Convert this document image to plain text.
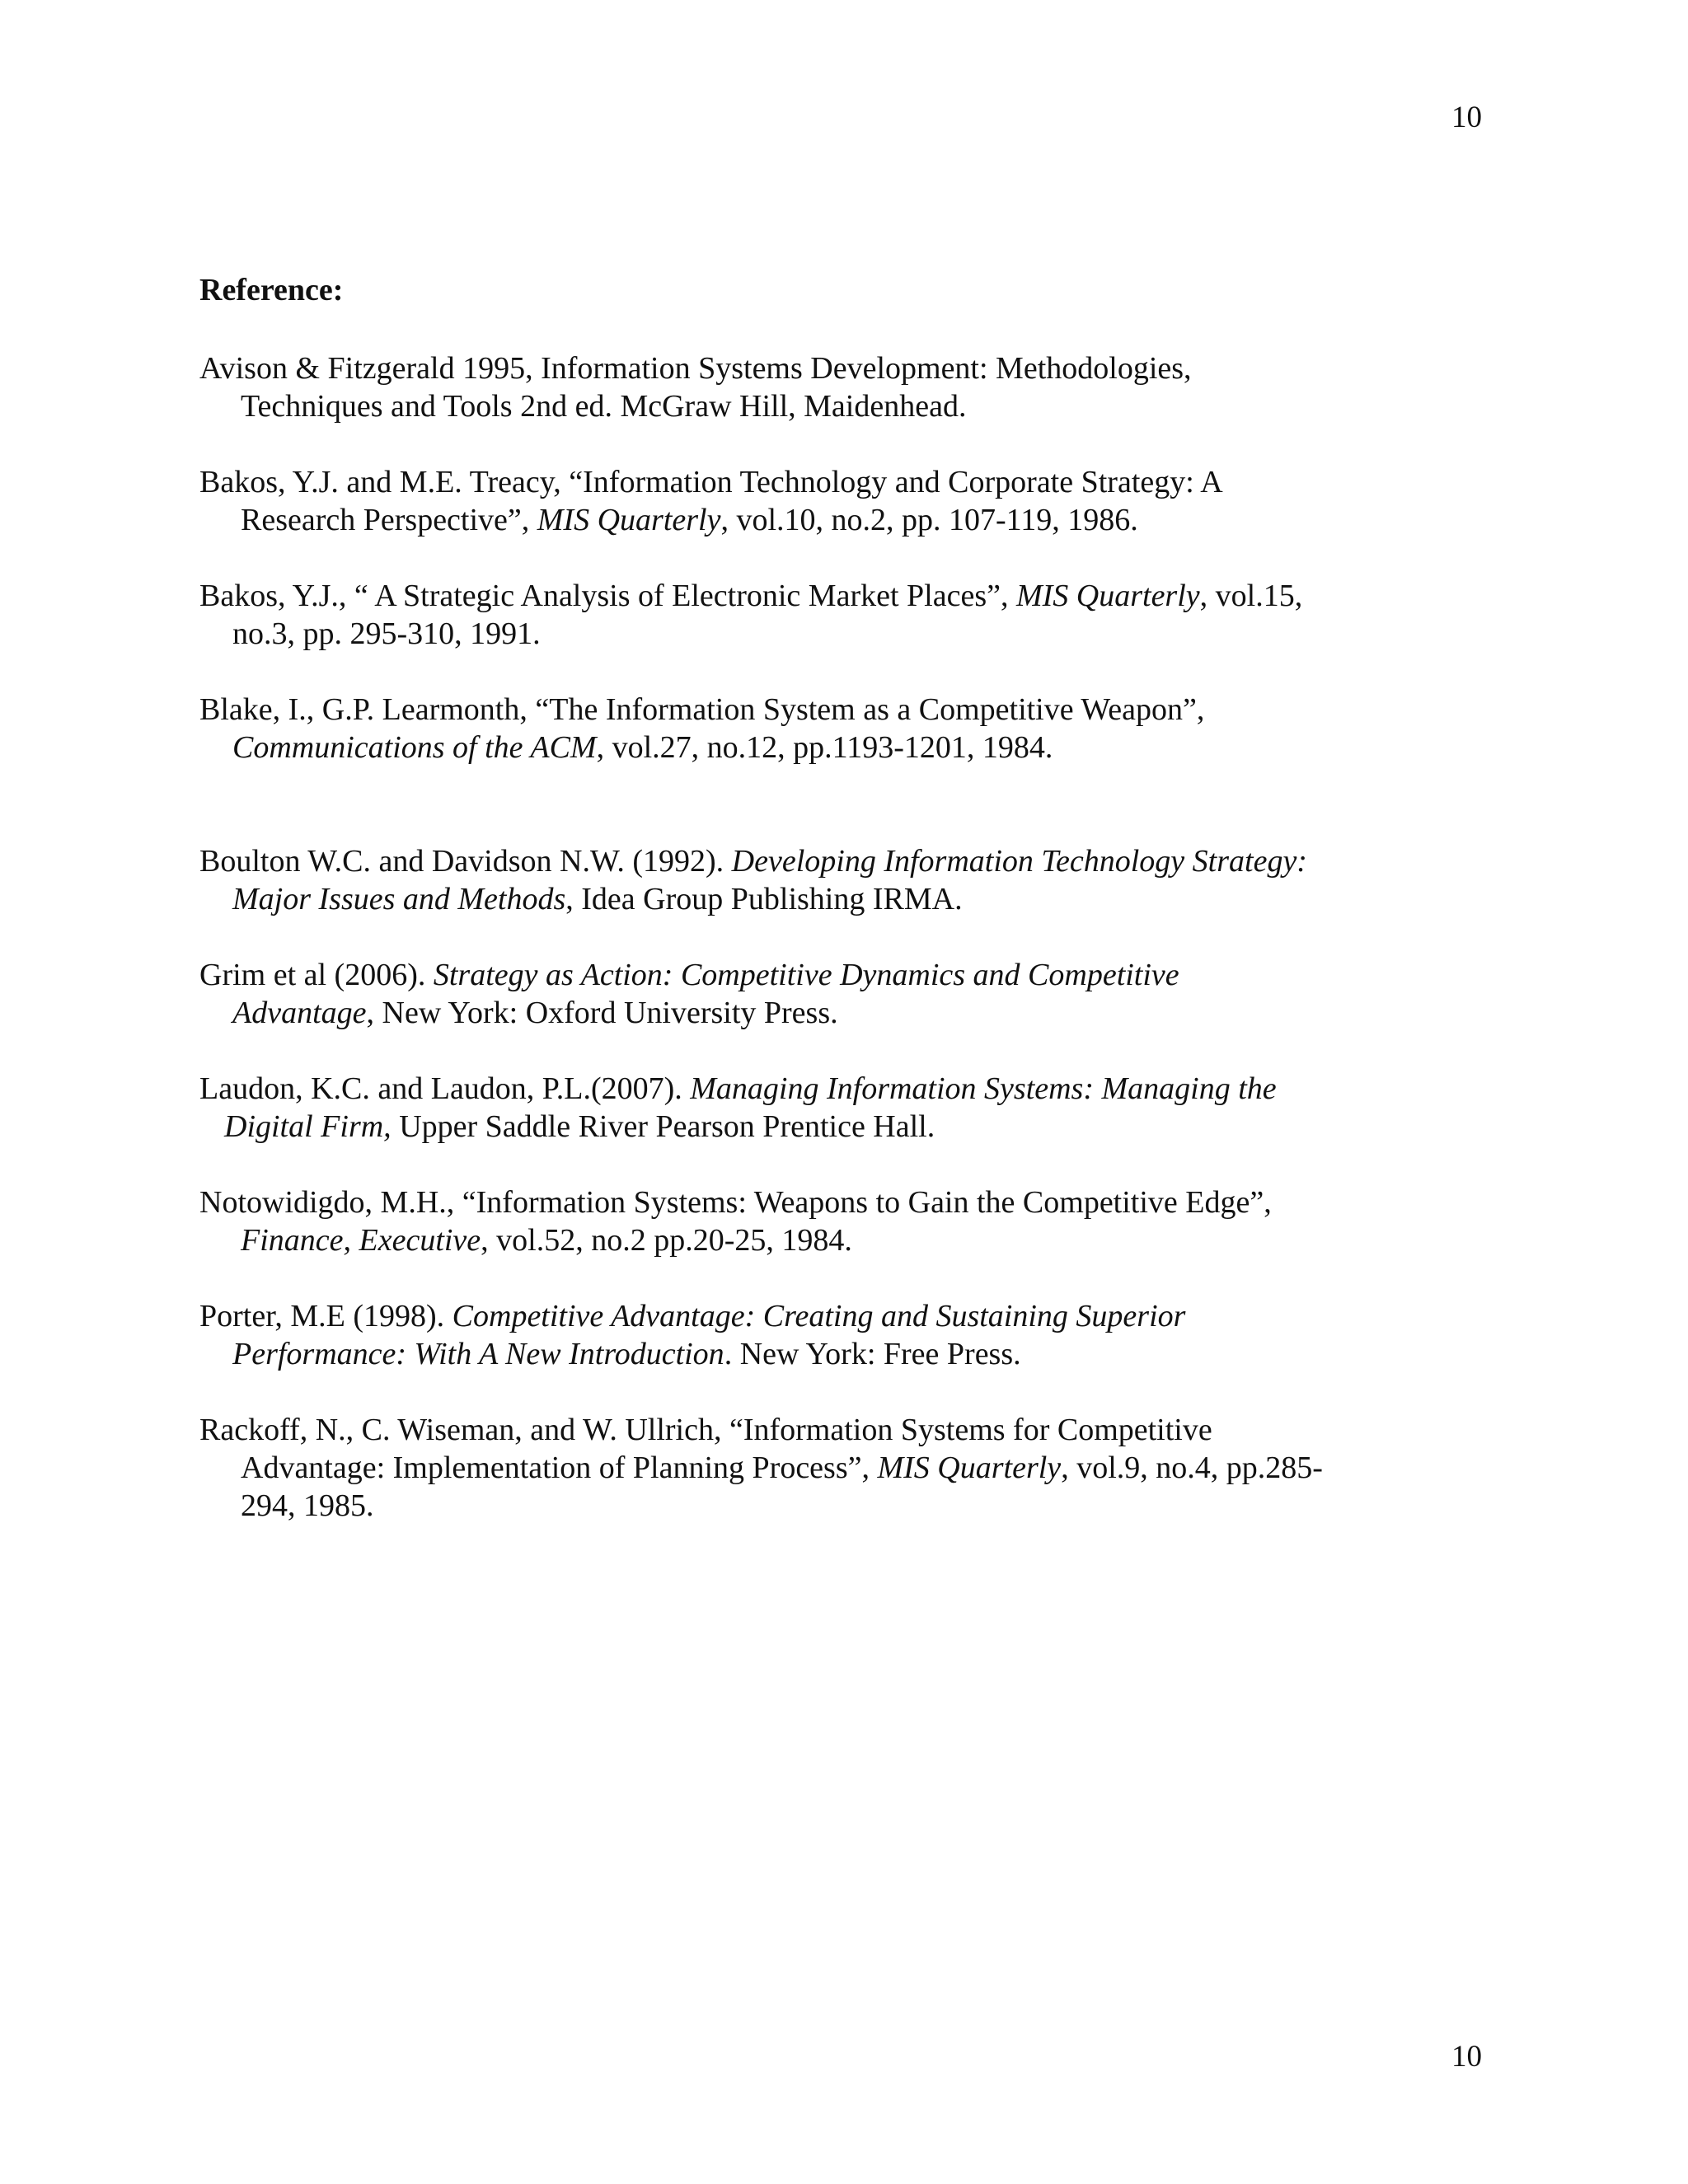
10
Reference:
Avison & Fitzgerald 1995, Information Systems Development: Methodologies,
Techniques and Tools 2nd ed. McGraw Hill, Maidenhead.
Bakos, Y.J. and M.E. Treacy, “Information Technology and Corporate Strategy: A
Research Perspective”, MIS Quarterly, vol.10, no.2, pp. 107-119, 1986.
Bakos, Y.J., “ A Strategic Analysis of Electronic Market Places”, MIS Quarterly, vol.15,
no.3, pp. 295-310, 1991.
Blake, I., G.P. Learmonth, “The Information System as a Competitive Weapon”,
Communications of the ACM, vol.27, no.12, pp.1193-1201, 1984.
Boulton W.C. and Davidson N.W. (1992). Developing Information Technology Strategy:
Major Issues and Methods, Idea Group Publishing IRMA.
Grim et al (2006). Strategy as Action: Competitive Dynamics and Competitive
Advantage, New York: Oxford University Press.
Laudon, K.C. and Laudon, P.L.(2007). Managing Information Systems: Managing the
Digital Firm, Upper Saddle River Pearson Prentice Hall.
Notowidigdo, M.H., “Information Systems: Weapons to Gain the Competitive Edge”,
Finance, Executive, vol.52, no.2 pp.20-25, 1984.
Porter, M.E (1998). Competitive Advantage: Creating and Sustaining Superior
Performance: With A New Introduction. New York: Free Press.
Rackoff, N., C. Wiseman, and W. Ullrich, “Information Systems for Competitive
Advantage: Implementation of Planning Process”, MIS Quarterly, vol.9, no.4, pp.285-
294, 1985.
10
